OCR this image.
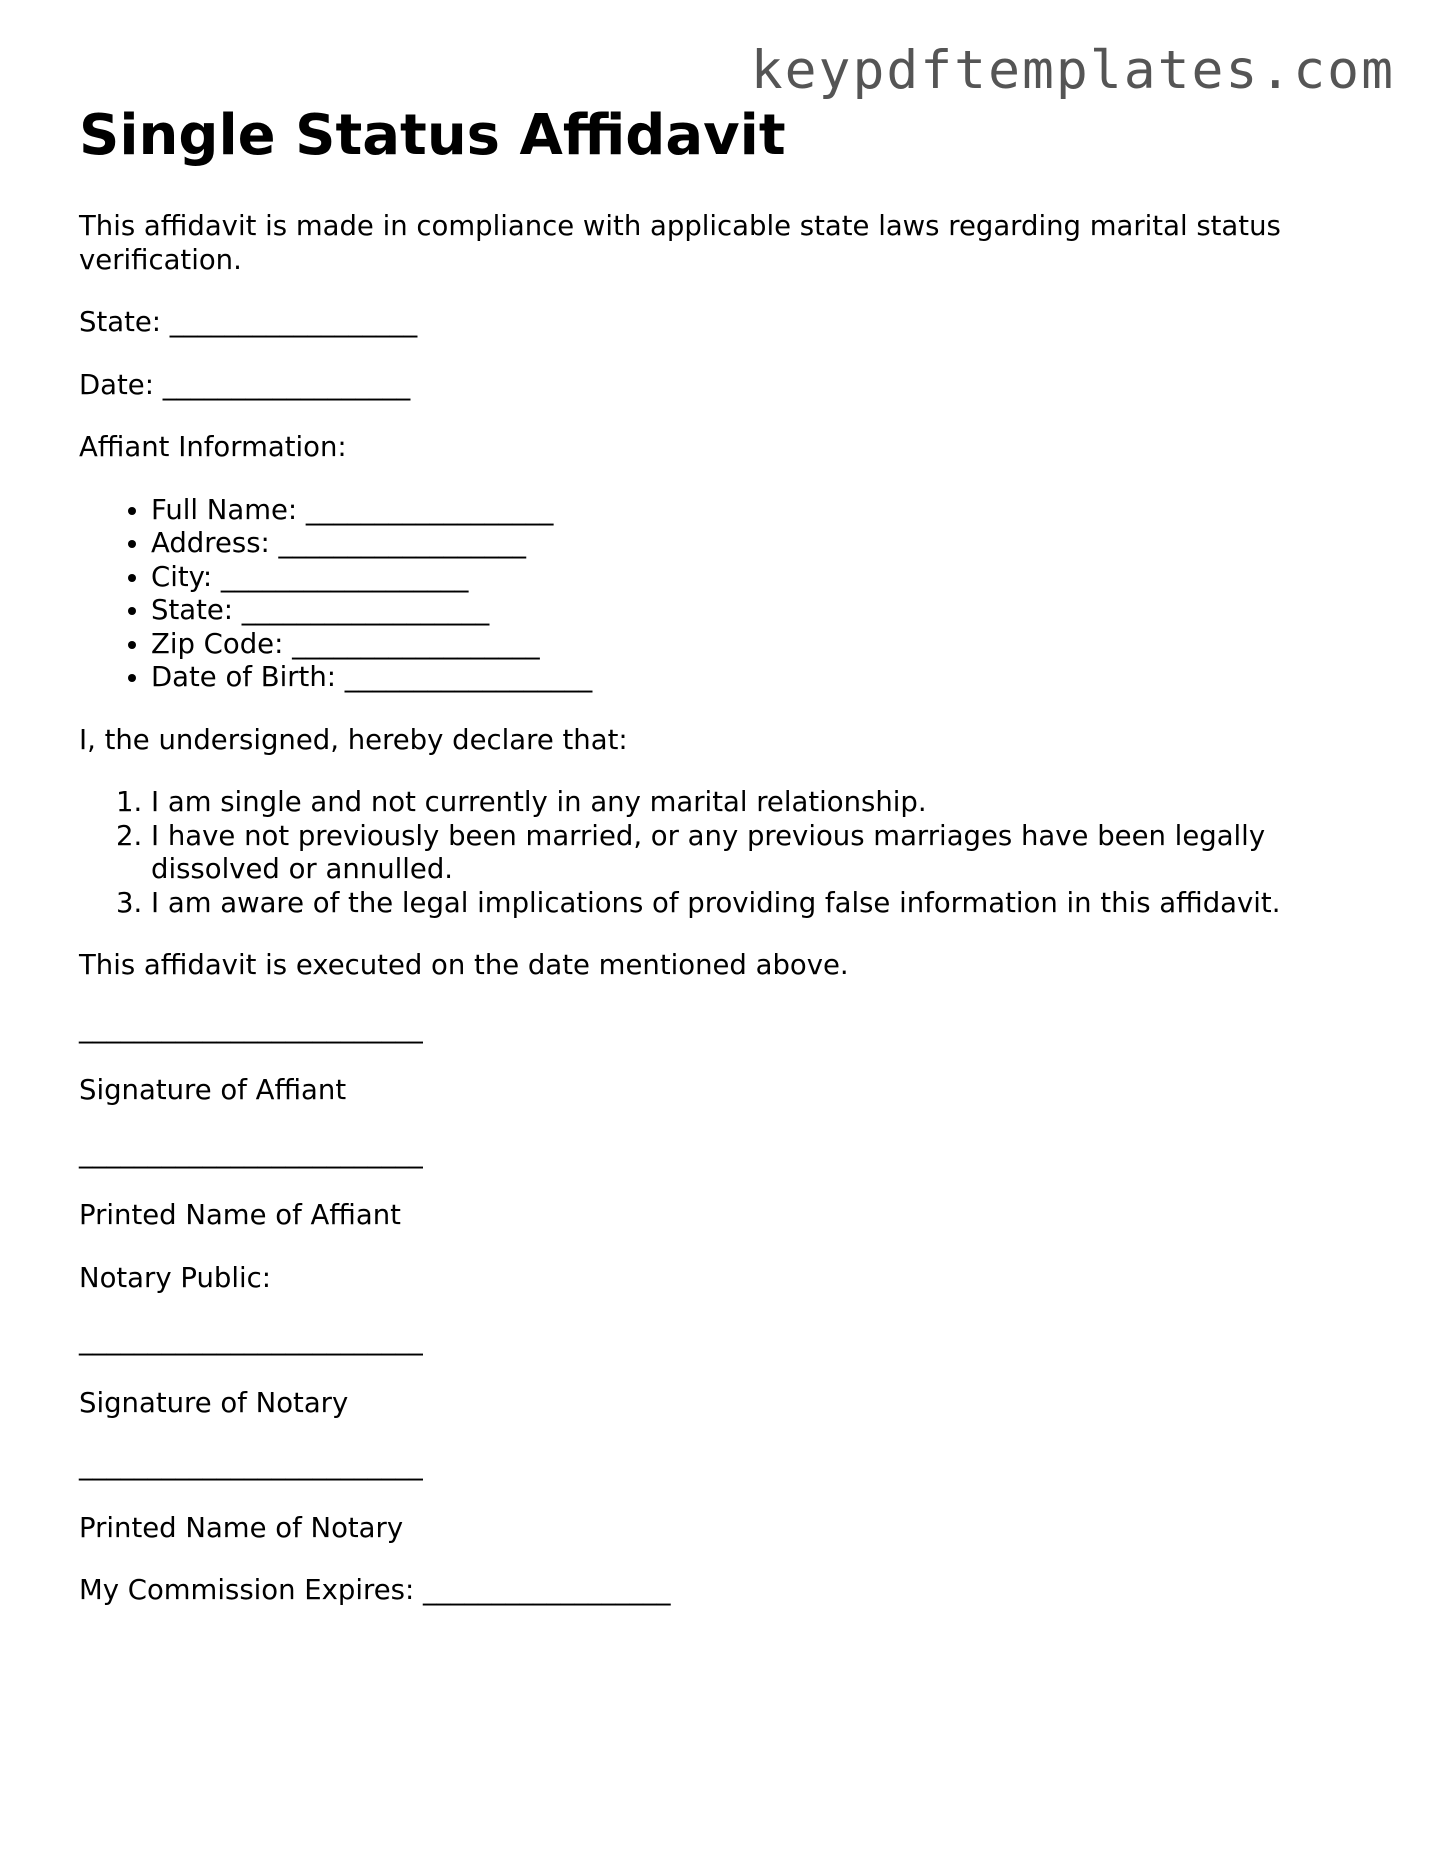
keypdftemplates.com
Single Status Affidavit

This affidavit is made in compliance with applicable state laws regarding marital status verification.

State: __________________

Date: __________________

Affiant Information:

• Full Name: __________________
• Address: __________________
• City: __________________
• State: __________________
• Zip Code: __________________
• Date of Birth: __________________

I, the undersigned, hereby declare that:

1. I am single and not currently in any marital relationship.
2. I have not previously been married, or any previous marriages have been legally dissolved or annulled.
3. I am aware of the legal implications of providing false information in this affidavit.

This affidavit is executed on the date mentioned above.

_________________________

Signature of Affiant

_________________________

Printed Name of Affiant

Notary Public:

_________________________

Signature of Notary

_________________________

Printed Name of Notary

My Commission Expires: __________________
